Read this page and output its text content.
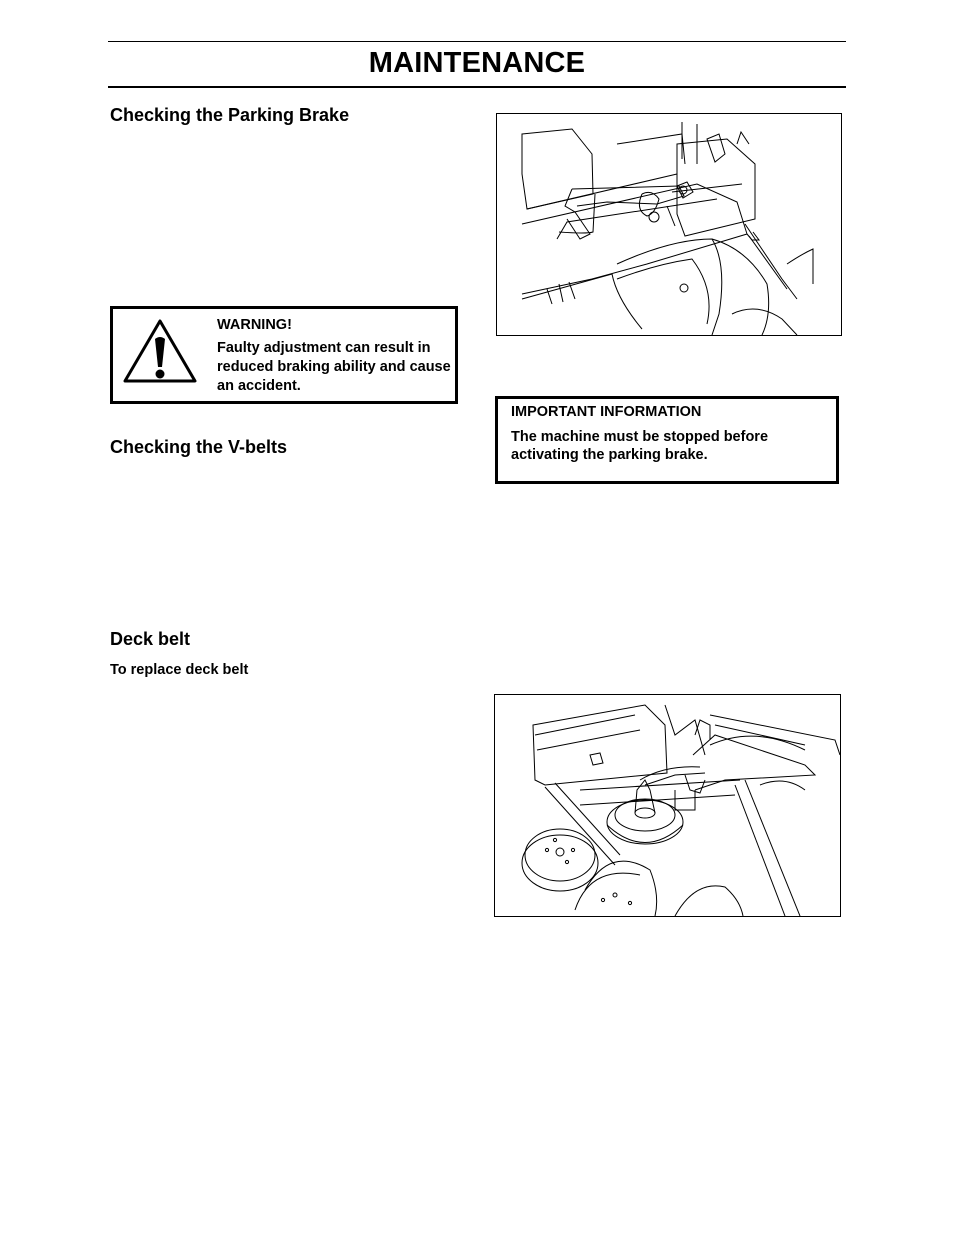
MAINTENANCE
Checking the Parking Brake
WARNING!
Faulty adjustment can result in reduced braking ability and cause an accident.
Checking the V-belts
Deck belt
To replace deck belt
IMPORTANT INFORMATION
The machine must be stopped before activating the parking brake.
